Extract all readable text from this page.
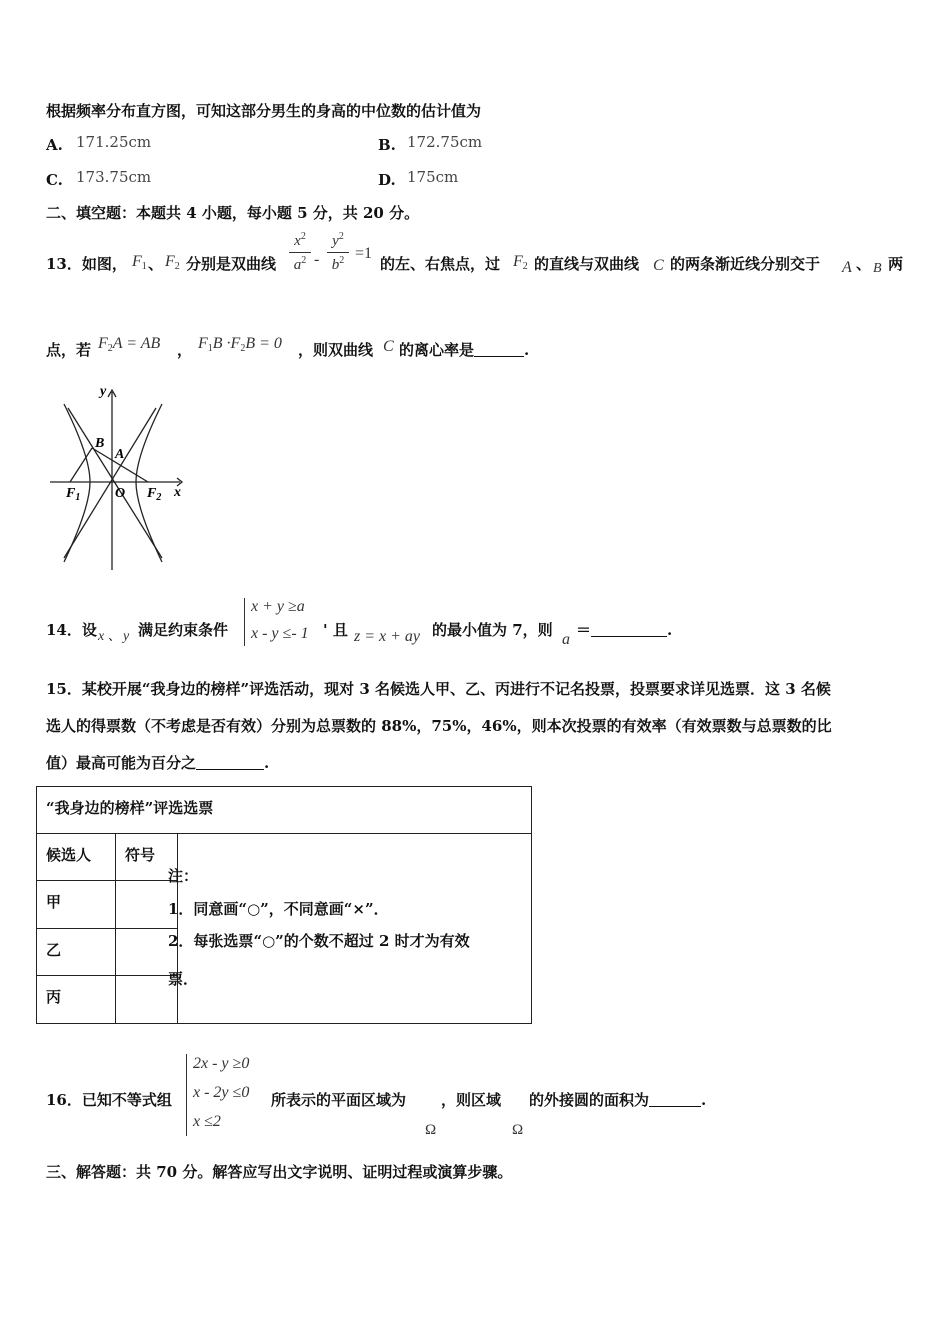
根据频率分布直方图，可知这部分男生的身高的中位数的估计值为
A. 171.25cm	B. 172.75cm
C. 173.75cm	D. 175cm
二、填空题：本题共 4 小题，每小题 5 分，共 20 分。
13．如图， $F_1$ 、 $F_2$ 分别是双曲线
$x^2$
$a^2$ -
$y^2$
$b^2 =1$
的左、右焦点，过 $F_2$ 的直线与双曲线 C 的两条渐近线分别交于 A 、 B 两
点，若 $F_2A$ = AB ， $F_1B \cdot F_2B = 0$ ，则双曲线 C 的离心率是	.
y
x
B
A
O
$F_1$	$F_2$
14．设 x 、 y 满足约束条件
x + y ≥a
x - y ≤- 1 ' 且 z = x + ay 的最小值为 7，则
a
＝	.
15．某校开展“我身边的榜样”评选活动，现对 3 名候选人甲、乙、丙进行不记名投票，投票要求详见选票．这 3 名候
选人的得票数（不考虑是否有效）分别为总票数的 88%，75%，46%，则本次投票的有效率（有效票数与总票数的比
值）最高可能为百分之	.
“我身边的榜样”评选选票		
候选人	符号	
甲		
乙		
丙		
注：
1．同意画“○”，不同意画“×”．
2．每张选票“○”的个数不超过 2 时才为有效
票．
16．已知不等式组
2x - y ≥0
x - 2y ≤0
x ≤2
所表示的平面区域为 ，则区域 的外接圆的面积为	.
Ω	Ω
三、解答题：共 70 分。解答应写出文字说明、证明过程或演算步骤。
